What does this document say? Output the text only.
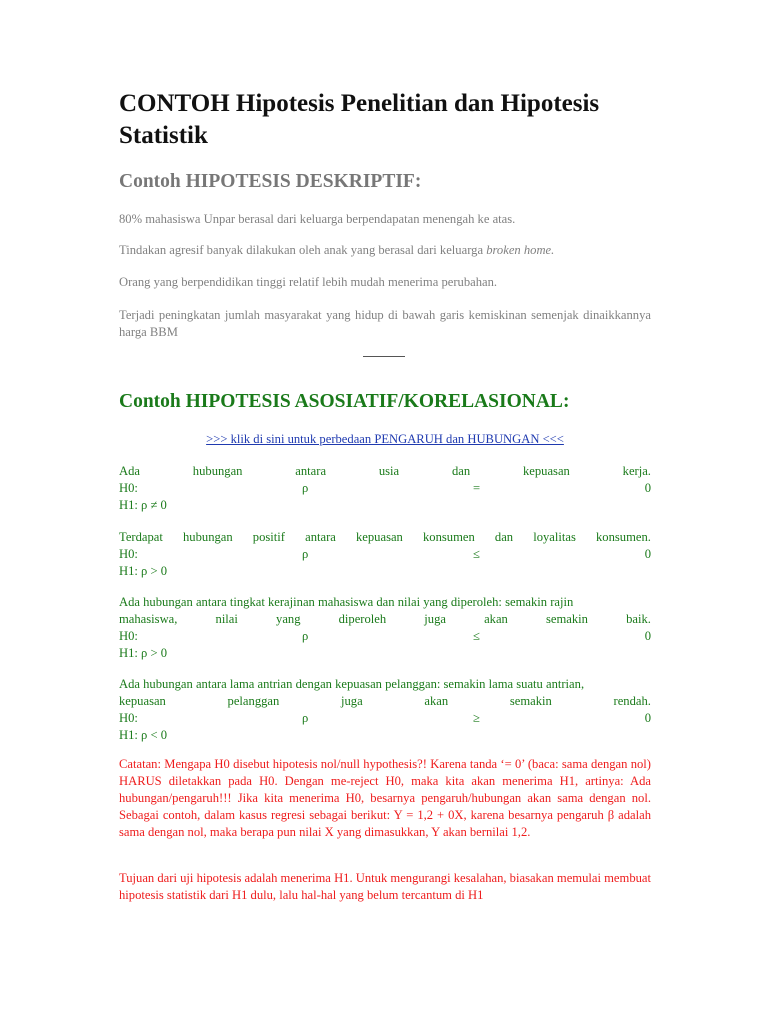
CONTOH Hipotesis Penelitian dan Hipotesis Statistik
Contoh HIPOTESIS DESKRIPTIF:

80% mahasiswa Unpar berasal dari keluarga berpendapatan menengah ke atas.

Tindakan agresif banyak dilakukan oleh anak yang berasal dari keluarga broken home.

Orang yang berpendidikan tinggi relatif lebih mudah menerima perubahan.

Terjadi peningkatan jumlah masyarakat yang hidup di bawah garis kemiskinan semenjak dinaikkannya harga BBM

Contoh HIPOTESIS ASOSIATIF/KORELASIONAL:
>>> klik di sini untuk perbedaan PENGARUH dan HUBUNGAN <<<
Ada	hubungan	antara	usia	dan	kepuasan	kerja.
H0:	ρ	=	0
H1: ρ ≠ 0
Terdapat hubungan positif antara kepuasan konsumen dan loyalitas konsumen.
H0:	ρ	≤	0
H1: ρ > 0
Ada hubungan antara tingkat kerajinan mahasiswa dan nilai yang diperoleh: semakin rajin
mahasiswa,	nilai	yang	diperoleh	juga	akan	semakin	baik.
H0:	ρ	≤	0
H1: ρ > 0
Ada hubungan antara lama antrian dengan kepuasan pelanggan: semakin lama suatu antrian,
kepuasan	pelanggan	juga	akan	semakin	rendah.
H0:	ρ	≥	0
H1: ρ < 0

Catatan: Mengapa H0 disebut hipotesis nol/null hypothesis?! Karena tanda ‘= 0’ (baca: sama dengan nol) HARUS diletakkan pada H0. Dengan me-reject H0, maka kita akan menerima H1, artinya: Ada hubungan/pengaruh!!! Jika kita menerima H0, besarnya pengaruh/hubungan akan sama dengan nol. Sebagai contoh, dalam kasus regresi sebagai berikut: Y = 1,2 + 0X, karena besarnya pengaruh β adalah sama dengan nol, maka berapa pun nilai X yang dimasukkan, Y akan bernilai 1,2.

Tujuan dari uji hipotesis adalah menerima H1. Untuk mengurangi kesalahan, biasakan memulai membuat hipotesis statistik dari H1 dulu, lalu hal-hal yang belum tercantum di H1
